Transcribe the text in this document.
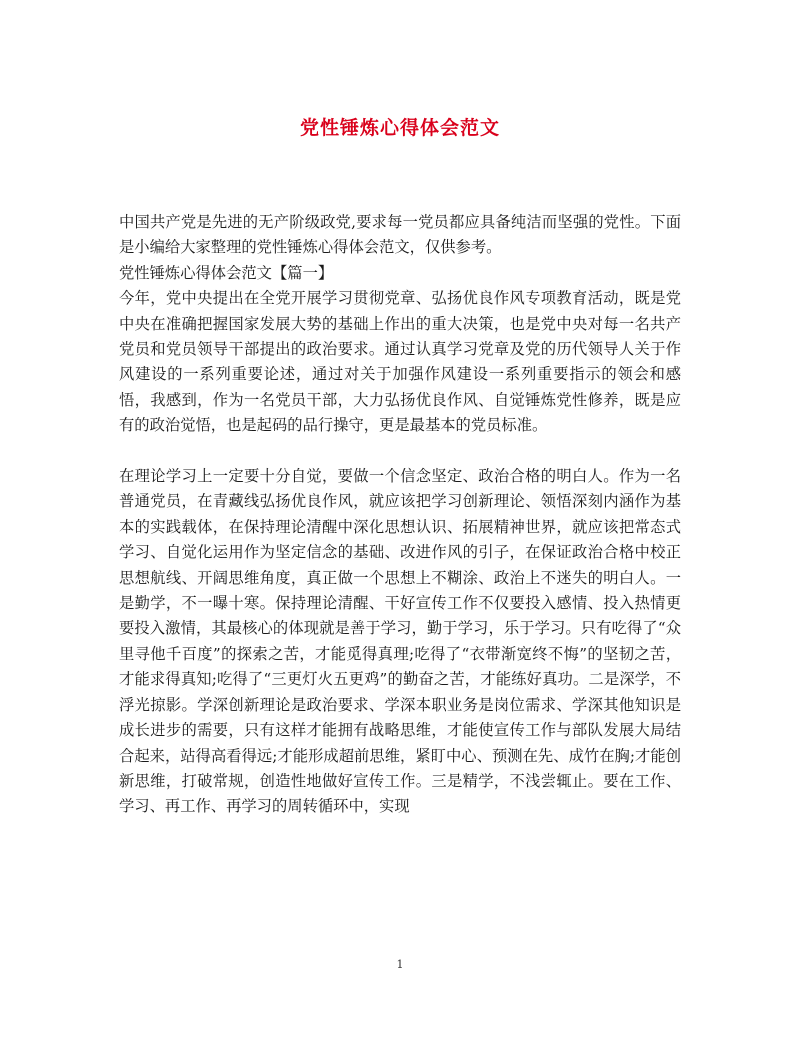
党性锤炼心得体会范文

中国共产党是先进的无产阶级政党,要求每一党员都应具备纯洁而坚强的党性。下面是小编给大家整理的党性锤炼心得体会范文，仅供参考。

党性锤炼心得体会范文【篇一】

今年，党中央提出在全党开展学习贯彻党章、弘扬优良作风专项教育活动，既是党中央在准确把握国家发展大势的基础上作出的重大决策，也是党中央对每一名共产党员和党员领导干部提出的政治要求。通过认真学习党章及党的历代领导人关于作风建设的一系列重要论述，通过对关于加强作风建设一系列重要指示的领会和感悟，我感到，作为一名党员干部，大力弘扬优良作风、自觉锤炼党性修养，既是应有的政治觉悟，也是起码的品行操守，更是最基本的党员标准。

在理论学习上一定要十分自觉，要做一个信念坚定、政治合格的明白人。作为一名普通党员，在青藏线弘扬优良作风，就应该把学习创新理论、领悟深刻内涵作为基本的实践载体，在保持理论清醒中深化思想认识、拓展精神世界，就应该把常态式学习、自觉化运用作为坚定信念的基础、改进作风的引子，在保证政治合格中校正思想航线、开阔思维角度，真正做一个思想上不糊涂、政治上不迷失的明白人。一是勤学，不一曝十寒。保持理论清醒、干好宣传工作不仅要投入感情、投入热情更要投入激情，其最核心的体现就是善于学习，勤于学习，乐于学习。只有吃得了“众里寻他千百度”的探索之苦，才能觅得真理;吃得了“衣带渐宽终不悔”的坚韧之苦，才能求得真知;吃得了“三更灯火五更鸡”的勤奋之苦，才能练好真功。二是深学，不浮光掠影。学深创新理论是政治要求、学深本职业务是岗位需求、学深其他知识是成长进步的需要，只有这样才能拥有战略思维，才能使宣传工作与部队发展大局结合起来，站得高看得远;才能形成超前思维，紧盯中心、预测在先、成竹在胸;才能创新思维，打破常规，创造性地做好宣传工作。三是精学，不浅尝辄止。要在工作、学习、再工作、再学习的周转循环中，实现

1
